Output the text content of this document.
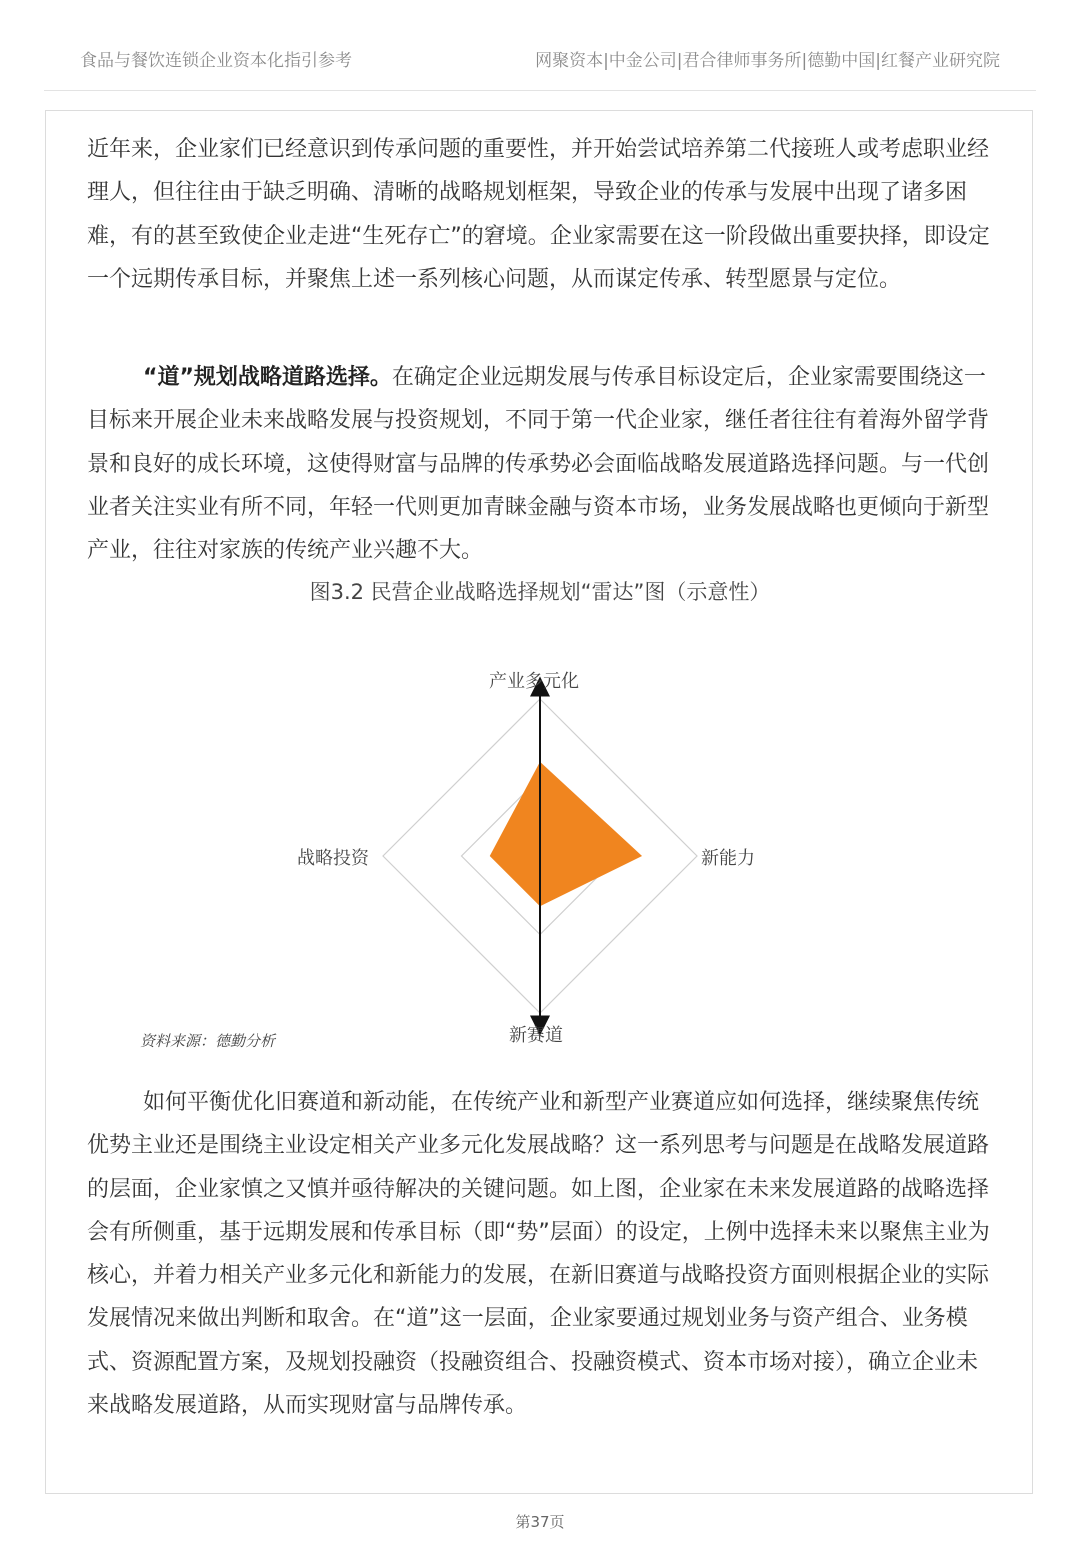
食品与餐饮连锁企业资本化指引参考	网聚资本|中金公司|君合律师事务所|德勤中国|红餐产业研究院

近年来，企业家们已经意识到传承问题的重要性，并开始尝试培养第二代接班人或考虑职业经理人，但往往由于缺乏明确、清晰的战略规划框架，导致企业的传承与发展中出现了诸多困难，有的甚至致使企业走进“生死存亡”的窘境。企业家需要在这一阶段做出重要抉择，即设定一个远期传承目标，并聚焦上述一系列核心问题，从而谋定传承、转型愿景与定位。

“道”规划战略道路选择。在确定企业远期发展与传承目标设定后，企业家需要围绕这一目标来开展企业未来战略发展与投资规划，不同于第一代企业家，继任者往往有着海外留学背景和良好的成长环境，这使得财富与品牌的传承势必会面临战略发展道路选择问题。与一代创业者关注实业有所不同，年轻一代则更加青睐金融与资本市场，业务发展战略也更倾向于新型产业，往往对家族的传统产业兴趣不大。

图3.2 民营企业战略选择规划“雷达”图（示意性）
产业多元化
新能力
新赛道
战略投资
资料来源：德勤分析

如何平衡优化旧赛道和新动能，在传统产业和新型产业赛道应如何选择，继续聚焦传统优势主业还是围绕主业设定相关产业多元化发展战略？这一系列思考与问题是在战略发展道路的层面，企业家慎之又慎并亟待解决的关键问题。如上图，企业家在未来发展道路的战略选择会有所侧重，基于远期发展和传承目标（即“势”层面）的设定，上例中选择未来以聚焦主业为核心，并着力相关产业多元化和新能力的发展，在新旧赛道与战略投资方面则根据企业的实际发展情况来做出判断和取舍。在“道”这一层面，企业家要通过规划业务与资产组合、业务模式、资源配置方案，及规划投融资（投融资组合、投融资模式、资本市场对接），确立企业未来战略发展道路，从而实现财富与品牌传承。

第37页
